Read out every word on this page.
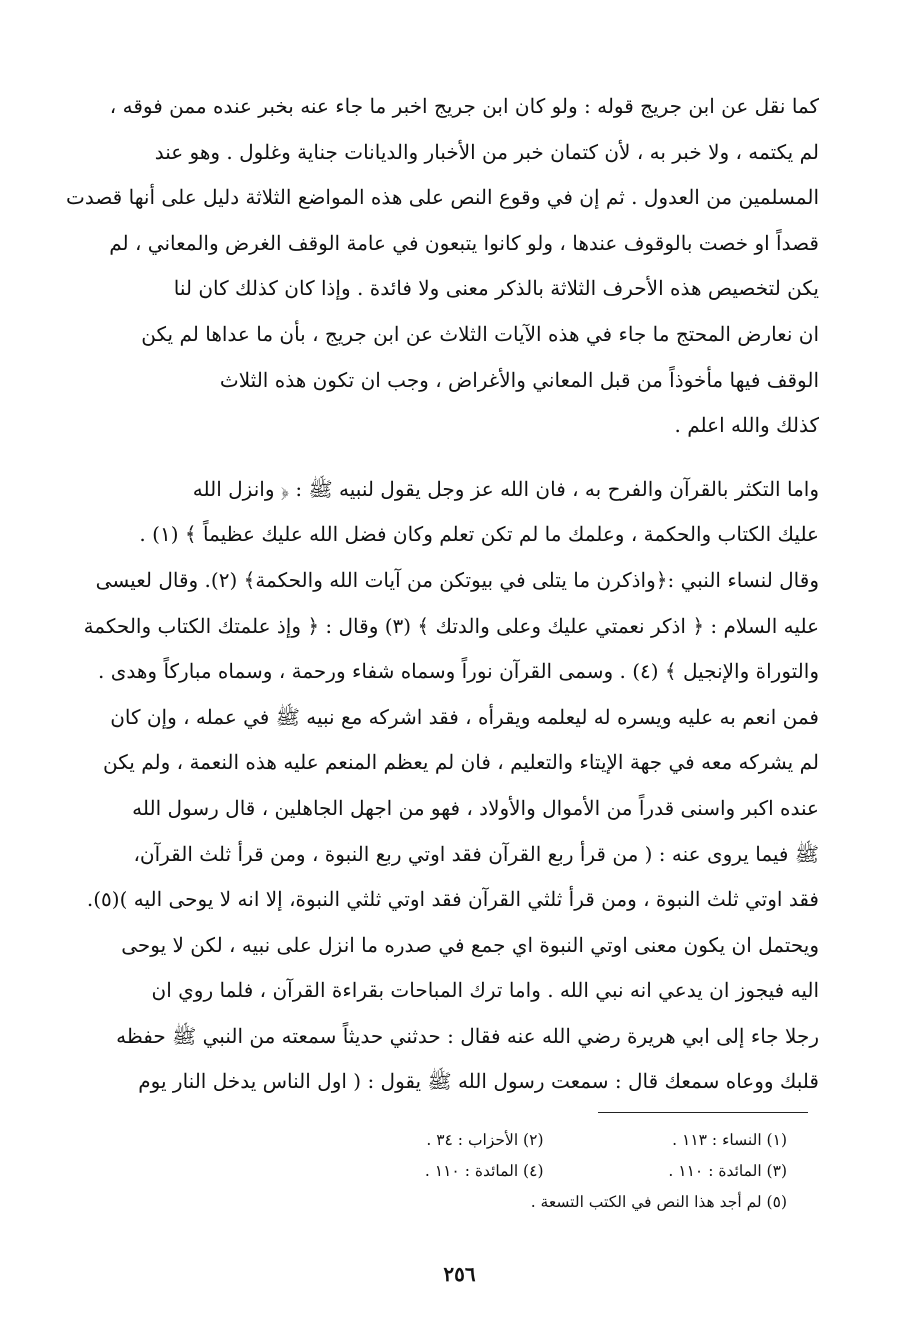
كما نقل عن ابن جريج قوله : ولو كان ابن جريج اخبر ما جاء عنه بخبر عنده ممن فوقه ،
لم يكتمه ، ولا خبر به ، لأن كتمان خبر من الأخبار والديانات جناية وغلول . وهو عند
المسلمين من العدول . ثم إن في وقوع النص على هذه المواضع الثلاثة دليل على أنها قصدت
قصداً او خصت بالوقوف عندها ، ولو كانوا يتبعون في عامة الوقف الغرض والمعاني ، لم
يكن لتخصيص هذه الأحرف الثلاثة بالذكر معنى ولا فائدة . وإذا كان كذلك كان لنا
ان نعارض المحتج ما جاء في هذه الآيات الثلاث عن ابن جريج ، بأن ما عداها لم يكن
الوقف فيها مأخوذاً من قبل المعاني والأغراض ، وجب ان تكون هذه الثلاث
كذلك والله اعلم .
واما التكثر بالقرآن والفرح به ، فان الله عز وجل يقول لنبيه ﷺ : ﴿ وانزل الله
عليك الكتاب والحكمة ، وعلمك ما لم تكن تعلم وكان فضل الله عليك عظيماً ﴾ (١) .
وقال لنساء النبي :﴿واذكرن ما يتلى في بيوتكن من آيات الله والحكمة﴾ (٢). وقال لعيسى
عليه السلام : ﴿ اذكر نعمتي عليك وعلى والدتك ﴾ (٣) وقال : ﴿ وإذ علمتك الكتاب والحكمة
والتوراة والإنجيل ﴾ (٤) . وسمى القرآن نوراً وسماه شفاء ورحمة ، وسماه مباركاً وهدى .
فمن انعم به عليه ويسره له ليعلمه ويقرأه ، فقد اشركه مع نبيه ﷺ في عمله ، وإن كان
لم يشركه معه في جهة الإيتاء والتعليم ، فان لم يعظم المنعم عليه هذه النعمة ، ولم يكن
عنده اكبر واسنى قدراً من الأموال والأولاد ، فهو من اجهل الجاهلين ، قال رسول الله
ﷺ فيما يروى عنه : ( من قرأ ربع القرآن فقد اوتي ربع النبوة ، ومن قرأ ثلث القرآن،
فقد اوتي ثلث النبوة ، ومن قرأ ثلثي القرآن فقد اوتي ثلثي النبوة، إلا انه لا يوحى اليه )(٥).
ويحتمل ان يكون معنى اوتي النبوة اي جمع في صدره ما انزل على نبيه ، لكن لا يوحى
اليه فيجوز ان يدعي انه نبي الله . واما ترك المباحات بقراءة القرآن ، فلما روي ان
رجلا جاء إلى ابي هريرة رضي الله عنه فقال : حدثني حديثاً سمعته من النبي ﷺ حفظه
قلبك ووعاه سمعك قال : سمعت رسول الله ﷺ يقول : ( اول الناس يدخل النار يوم
(١) النساء : ١١٣ .
(٢) الأحزاب : ٣٤ .
(٣) المائدة : ١١٠ .
(٤) المائدة : ١١٠ .
(٥) لم أجد هذا النص في الكتب التسعة .
٢٥٦
